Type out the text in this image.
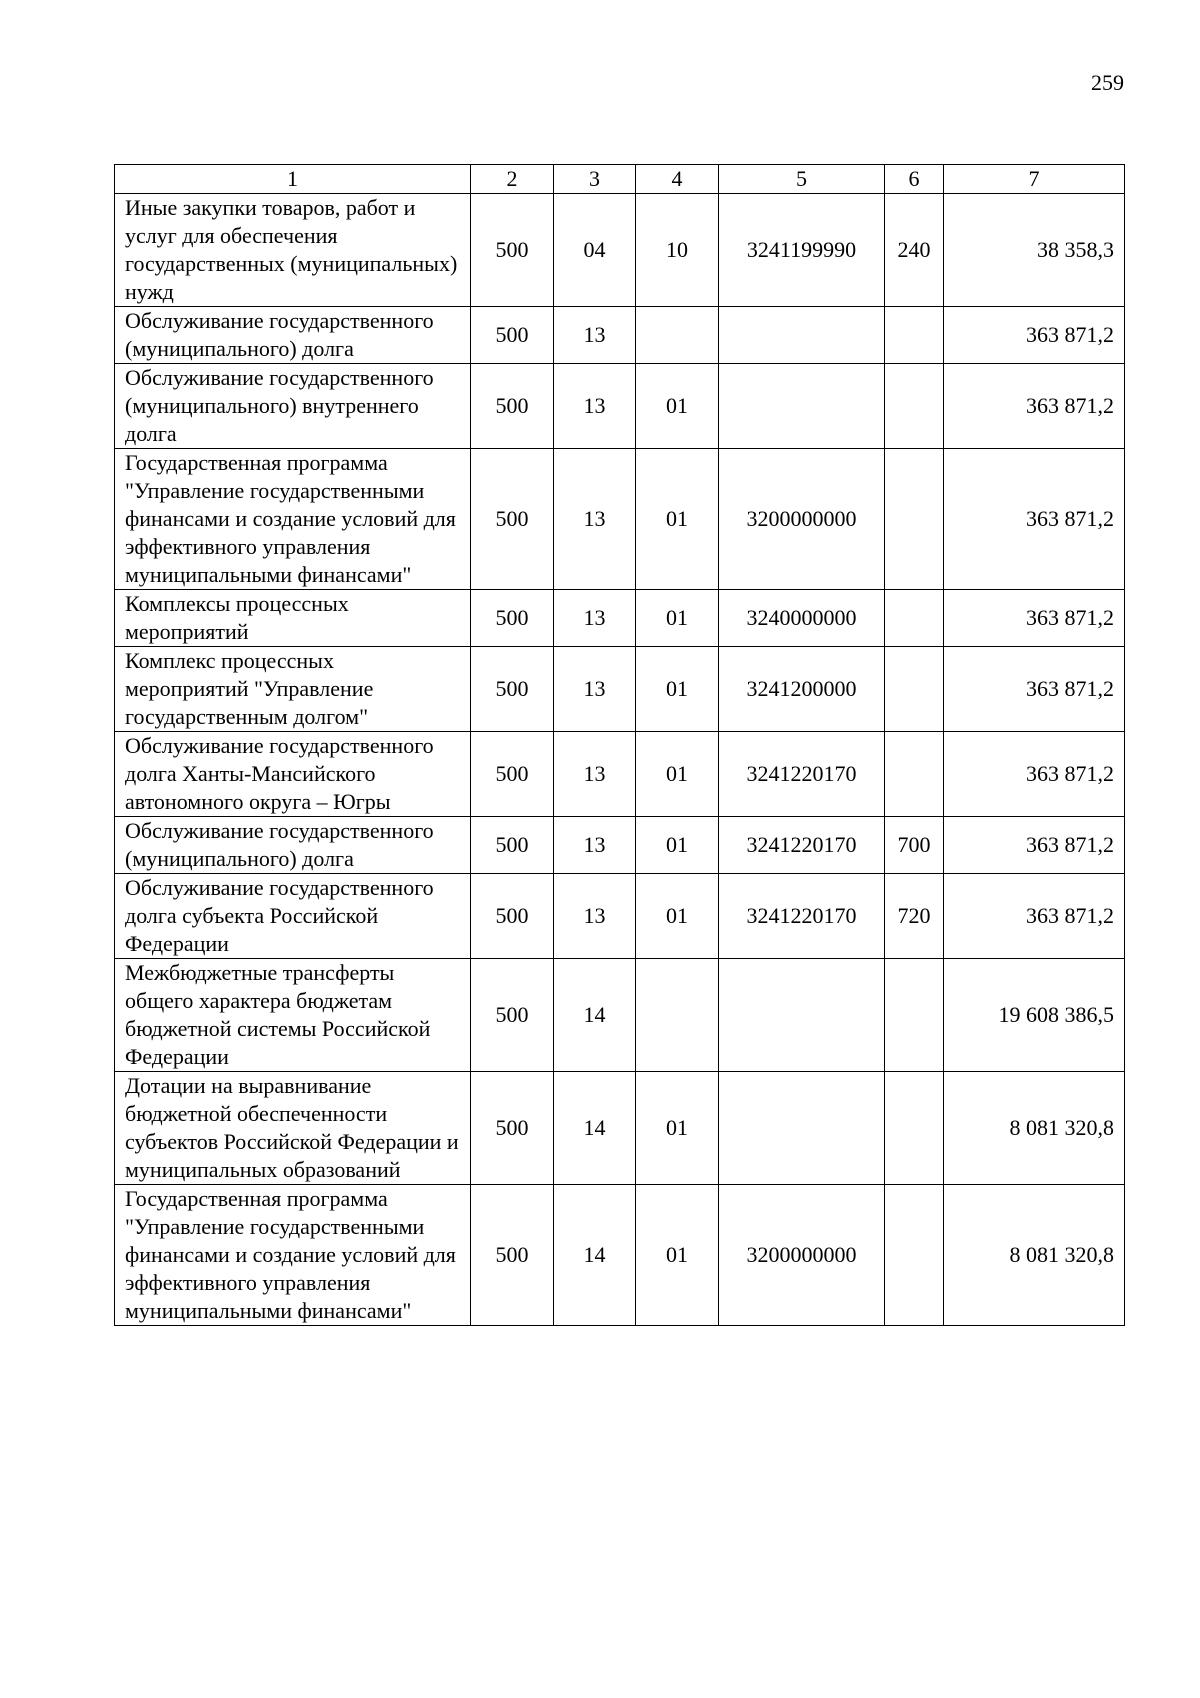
259
1	2	3	4	5	6	7
Иные закупки товаров, работ и услуг для обеспечения государственных (муниципальных) нужд	500	04	10	3241199990	240	38 358,3
Обслуживание государственного (муниципального) долга	500	13				363 871,2
Обслуживание государственного (муниципального) внутреннего долга	500	13	01			363 871,2
Государственная программа "Управление государственными финансами и создание условий для эффективного управления муниципальными финансами"	500	13	01	3200000000		363 871,2
Комплексы процессных мероприятий	500	13	01	3240000000		363 871,2
Комплекс процессных мероприятий "Управление государственным долгом"	500	13	01	3241200000		363 871,2
Обслуживание государственного долга Ханты-Мансийского автономного округа – Югры	500	13	01	3241220170		363 871,2
Обслуживание государственного (муниципального) долга	500	13	01	3241220170	700	363 871,2
Обслуживание государственного долга субъекта Российской Федерации	500	13	01	3241220170	720	363 871,2
Межбюджетные трансферты общего характера бюджетам бюджетной системы Российской Федерации	500	14				19 608 386,5
Дотации на выравнивание бюджетной обеспеченности субъектов Российской Федерации и муниципальных образований	500	14	01			8 081 320,8
Государственная программа "Управление государственными финансами и создание условий для эффективного управления муниципальными финансами"	500	14	01	3200000000		8 081 320,8
